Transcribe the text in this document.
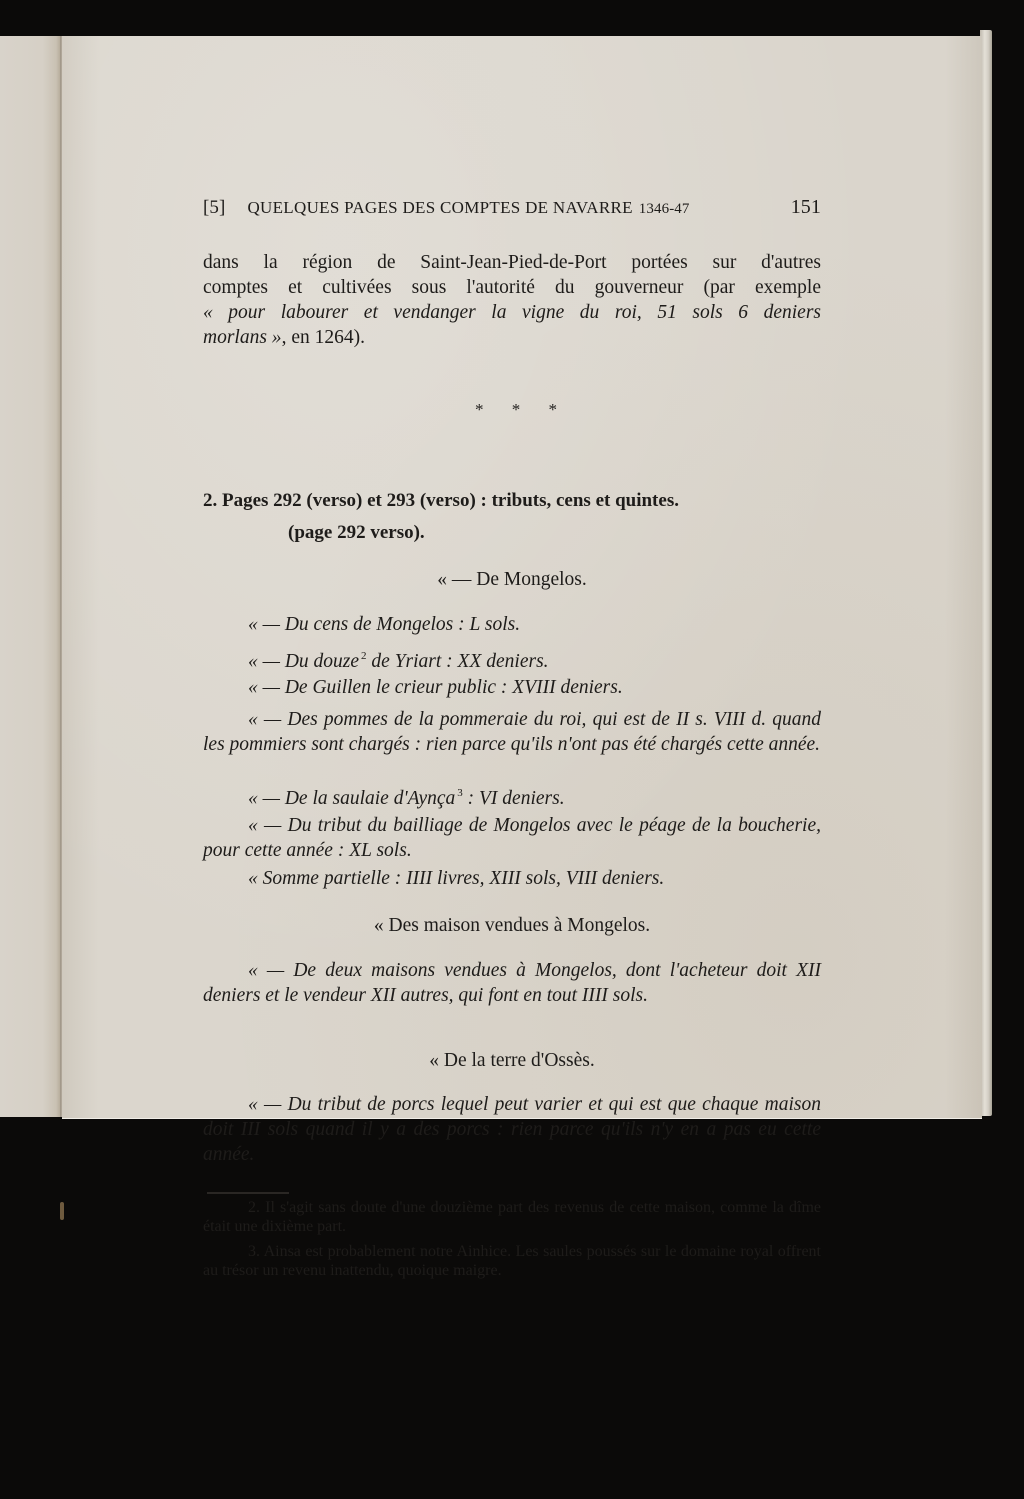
[5] QUELQUES PAGES DES COMPTES DE NAVARRE 1346-47	151

dans la région de Saint-Jean-Pied-de-Port portées sur d'autres

comptes et cultivées sous l'autorité du gouverneur (par exemple

« pour labourer et vendanger la vigne du roi, 51 sols 6 deniers

morlans », en 1264).

* * *

2. Pages 292 (verso) et 293 (verso) : tributs, cens et quintes.

(page 292 verso).

« — De Mongelos.

« — Du cens de Mongelos : L sols.

« — Du douze $^2$ de Yriart : XX deniers.

« — De Guillen le crieur public : XVIII deniers.

« — Des pommes de la pommeraie du roi, qui est de II s. VIII d. quand les pommiers sont chargés : rien parce qu'ils n'ont pas été chargés cette année.

« — De la saulaie d'Aynça $^3$ : VI deniers.

« — Du tribut du bailliage de Mongelos avec le péage de la boucherie, pour cette année : XL sols.

« Somme partielle : IIII livres, XIII sols, VIII deniers.

« Des maison vendues à Mongelos.

« — De deux maisons vendues à Mongelos, dont l'acheteur doit XII deniers et le vendeur XII autres, qui font en tout IIII sols.

« De la terre d'Ossès.

« — Du tribut de porcs lequel peut varier et qui est que chaque maison doit III sols quand il y a des porcs : rien parce qu'ils n'y en a pas eu cette année.

2. Il s'agit sans doute d'une douzième part des revenus de cette maison, comme la dîme était une dixième part.

3. Ainsa est probablement notre Ainhice. Les saules poussés sur le domaine royal offrent au trésor un revenu inattendu, quoique maigre.
